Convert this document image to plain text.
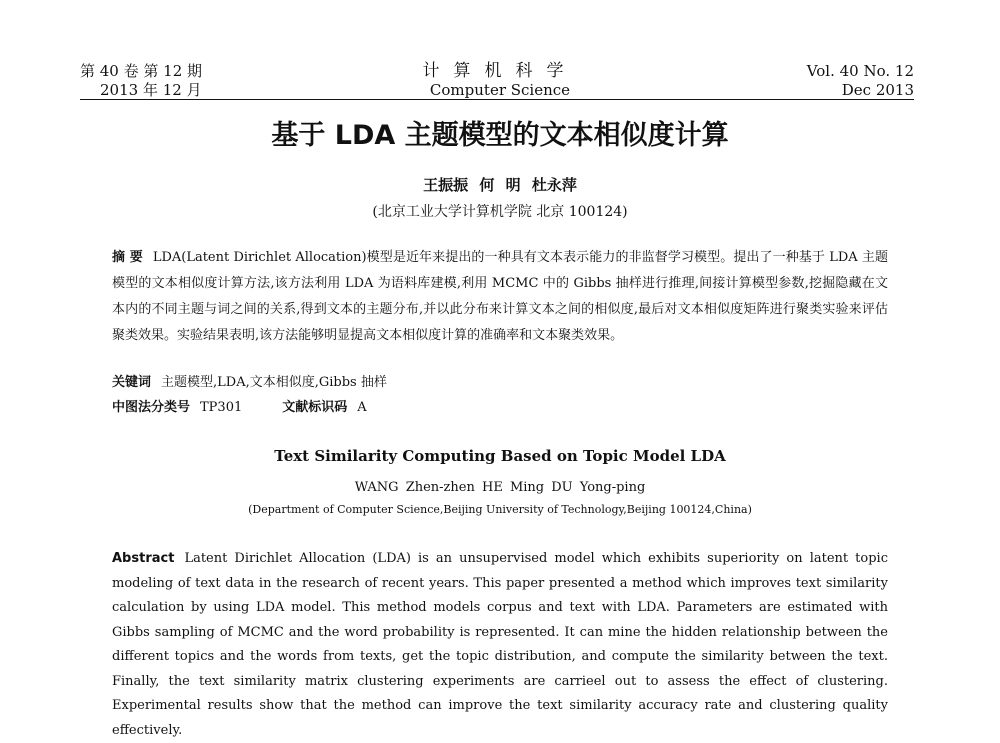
第 40 卷 第 12 期
2013 年 12 月
计算机科学
Computer Science
Vol. 40 No. 12
Dec 2013
基于 LDA 主题模型的文本相似度计算
王振振 何 明 杜永萍
(北京工业大学计算机学院 北京 100124)
摘 要 LDA(Latent Dirichlet Allocation)模型是近年来提出的一种具有文本表示能力的非监督学习模型。提出了一种基于 LDA 主题模型的文本相似度计算方法,该方法利用 LDA 为语料库建模,利用 MCMC 中的 Gibbs 抽样进行推理,间接计算模型参数,挖掘隐藏在文本内的不同主题与词之间的关系,得到文本的主题分布,并以此分布来计算文本之间的相似度,最后对文本相似度矩阵进行聚类实验来评估聚类效果。实验结果表明,该方法能够明显提高文本相似度计算的准确率和文本聚类效果。
关键词 主题模型,LDA,文本相似度,Gibbs 抽样
中图法分类号 TP301	文献标识码 A
Text Similarity Computing Based on Topic Model LDA
WANG Zhen-zhen HE Ming DU Yong-ping
(Department of Computer Science,Beijing University of Technology,Beijing 100124,China)
Abstract Latent Dirichlet Allocation (LDA) is an unsupervised model which exhibits superiority on latent topic modeling of text data in the research of recent years. This paper presented a method which improves text similarity calculation by using LDA model. This method models corpus and text with LDA. Parameters are estimated with Gibbs sampling of MCMC and the word probability is represented. It can mine the hidden relationship between the different topics and the words from texts, get the topic distribution, and compute the similarity between the text. Finally, the text similarity matrix clustering experiments are carrieel out to assess the effect of clustering. Experimental results show that the method can improve the text similarity accuracy rate and clustering quality effectively.
